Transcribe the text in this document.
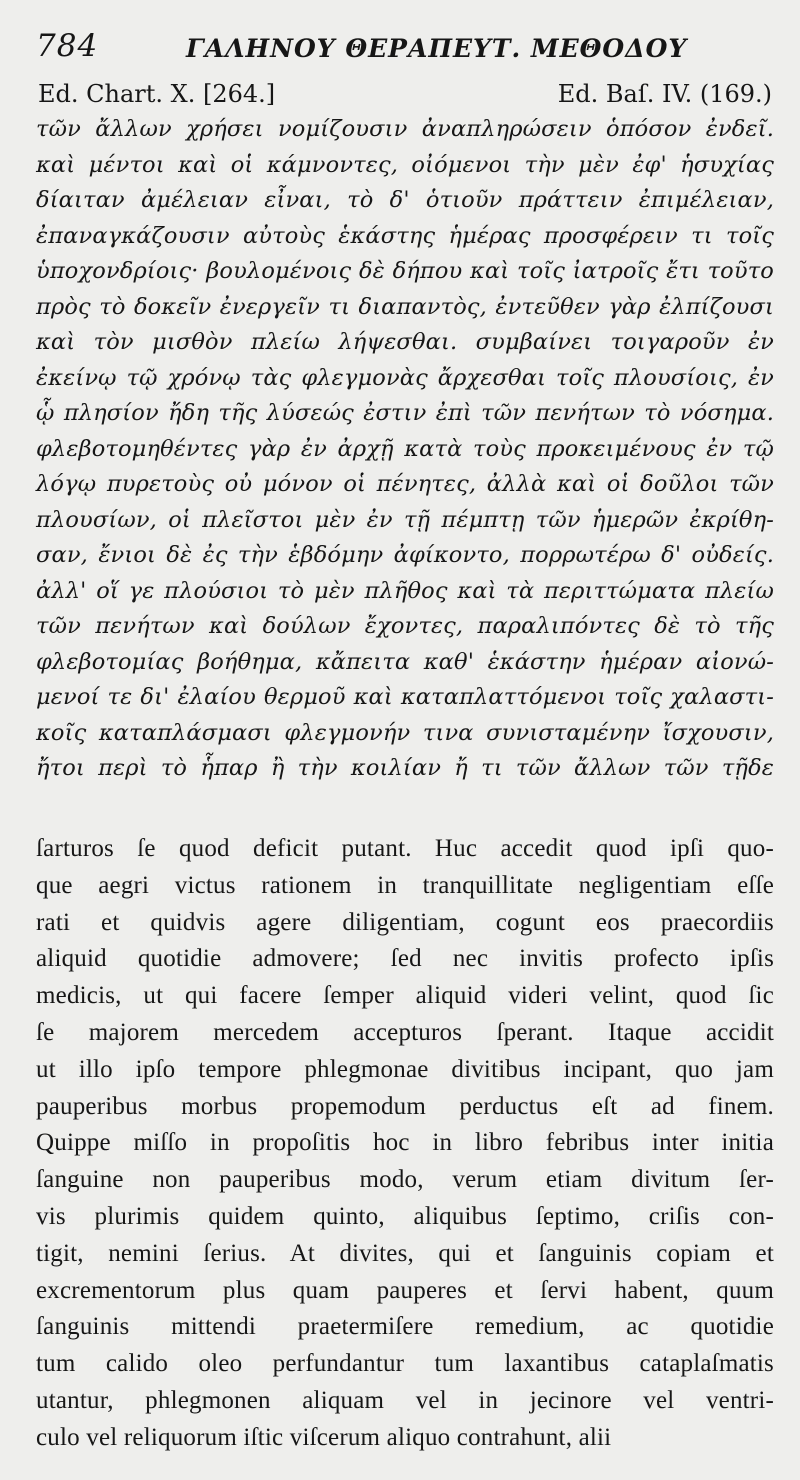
784	ΓΑΛΗΝΟΥ ΘΕΡΑΠΕΥΤ. ΜΕΘΟΔΟΥ
Ed. Chart. X. [264.]	Ed. Baſ. IV. (169.)
τῶν ἄλλων χρήσει νομίζουσιν ἀναπληρώσειν ὁπόσον ἐνδεῖ.
καὶ μέντοι καὶ οἱ κάμνοντες, οἰόμενοι τὴν μὲν ἐφ' ἡσυχίας
δίαιταν ἀμέλειαν εἶναι, τὸ δ' ὁτιοῦν πράττειν ἐπιμέλειαν,
ἐπαναγκάζουσιν αὐτοὺς ἑκάστης ἡμέρας προσφέρειν τι τοῖς
ὑποχονδρίοις· βουλομένοις δὲ δήπου καὶ τοῖς ἰατροῖς ἔτι τοῦτο
πρὸς τὸ δοκεῖν ἐνεργεῖν τι διαπαντὸς, ἐντεῦθεν γὰρ ἐλπίζουσι
καὶ τὸν μισθὸν πλείω λήψεσθαι. συμβαίνει τοιγαροῦν ἐν
ἐκείνῳ τῷ χρόνῳ τὰς φλεγμονὰς ἄρχεσθαι τοῖς πλουσίοις, ἐν
ᾧ πλησίον ἤδη τῆς λύσεώς ἐστιν ἐπὶ τῶν πενήτων τὸ νόσημα.
φλεβοτομηθέντες γὰρ ἐν ἀρχῇ κατὰ τοὺς προκειμένους ἐν τῷ
λόγῳ πυρετοὺς οὐ μόνον οἱ πένητες, ἀλλὰ καὶ οἱ δοῦλοι τῶν
πλουσίων, οἱ πλεῖστοι μὲν ἐν τῇ πέμπτῃ τῶν ἡμερῶν ἐκρίθη-
σαν, ἔνιοι δὲ ἐς τὴν ἑβδόμην ἀφίκοντο, πορρωτέρω δ' οὐδείς.
ἀλλ' οἵ γε πλούσιοι τὸ μὲν πλῆθος καὶ τὰ περιττώματα πλείω
τῶν πενήτων καὶ δούλων ἔχοντες, παραλιπόντες δὲ τὸ τῆς
φλεβοτομίας βοήθημα, κἄπειτα καθ' ἑκάστην ἡμέραν αἰονώ-
μενοί τε δι' ἐλαίου θερμοῦ καὶ καταπλαττόμενοι τοῖς χαλαστι-
κοῖς καταπλάσμασι φλεγμονήν τινα συνισταμένην ἴσχουσιν,
ἤτοι περὶ τὸ ἧπαρ ἢ τὴν κοιλίαν ἤ τι τῶν ἄλλων τῶν τῇδε
ſarturos ſe quod deficit putant. Huc accedit quod ipſi quo-
que aegri victus rationem in tranquillitate negligentiam eſſe
rati et quidvis agere diligentiam, cogunt eos praecordiis
aliquid quotidie admovere; ſed nec invitis profecto ipſis
medicis, ut qui facere ſemper aliquid videri velint, quod ſic
ſe majorem mercedem accepturos ſperant. Itaque accidit
ut illo ipſo tempore phlegmonae divitibus incipant, quo jam
pauperibus morbus propemodum perductus eſt ad finem.
Quippe miſſo in propoſitis hoc in libro febribus inter initia
ſanguine non pauperibus modo, verum etiam divitum ſer-
vis plurimis quidem quinto, aliquibus ſeptimo, criſis con-
tigit, nemini ſerius. At divites, qui et ſanguinis copiam et
excrementorum plus quam pauperes et ſervi habent, quum
ſanguinis mittendi praetermiſere remedium, ac quotidie
tum calido oleo perfundantur tum laxantibus cataplaſmatis
utantur, phlegmonen aliquam vel in jecinore vel ventri-
culo vel reliquorum iſtic viſcerum aliquo contrahunt, alii
